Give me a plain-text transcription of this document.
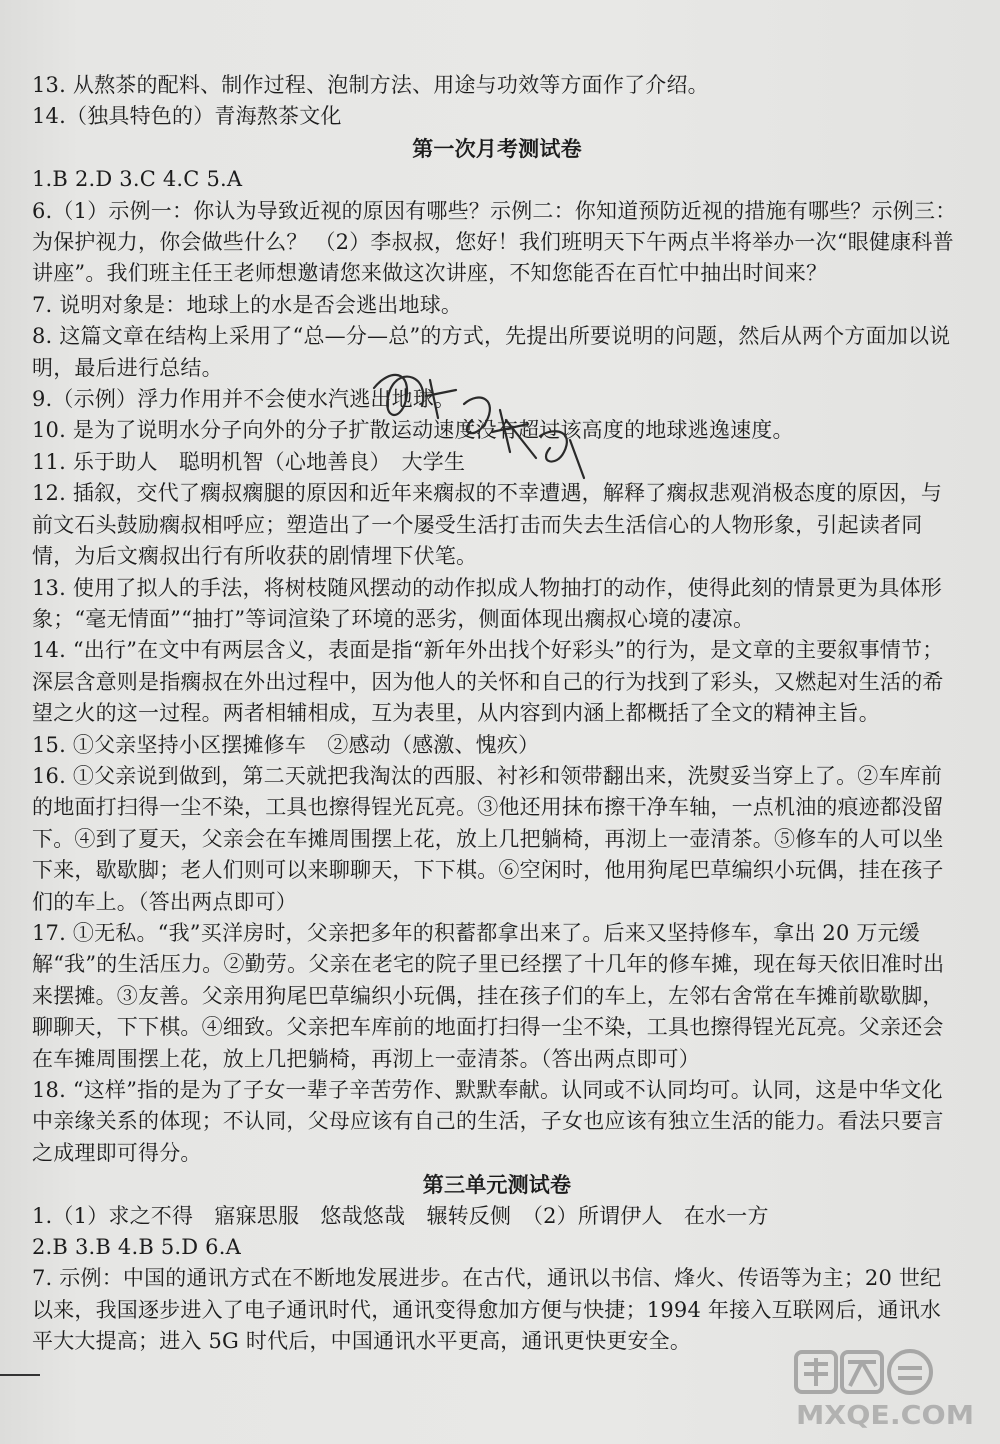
13. 从熬茶的配料、制作过程、泡制方法、用途与功效等方面作了介绍。

14.（独具特色的）青海熬茶文化

第一次月考测试卷

1.B 2.D 3.C 4.C 5.A

6.（1）示例一：你认为导致近视的原因有哪些？示例二：你知道预防近视的措施有哪些？示例三：为保护视力，你会做些什么？ （2）李叔叔，您好！我们班明天下午两点半将举办一次“眼健康科普讲座”。我们班主任王老师想邀请您来做这次讲座，不知您能否在百忙中抽出时间来？

7. 说明对象是：地球上的水是否会逃出地球。

8. 这篇文章在结构上采用了“总—分—总”的方式，先提出所要说明的问题，然后从两个方面加以说明，最后进行总结。

9.（示例）浮力作用并不会使水汽逃出地球。

10. 是为了说明水分子向外的分子扩散运动速度没有超过该高度的地球逃逸速度。

11. 乐于助人　聪明机智（心地善良）　大学生

12. 插叙，交代了瘸叔瘸腿的原因和近年来瘸叔的不幸遭遇，解释了瘸叔悲观消极态度的原因，与前文石头鼓励瘸叔相呼应；塑造出了一个屡受生活打击而失去生活信心的人物形象，引起读者同情，为后文瘸叔出行有所收获的剧情埋下伏笔。

13. 使用了拟人的手法，将树枝随风摆动的动作拟成人物抽打的动作，使得此刻的情景更为具体形象；“毫无情面”“抽打”等词渲染了环境的恶劣，侧面体现出瘸叔心境的凄凉。

14. “出行”在文中有两层含义，表面是指“新年外出找个好彩头”的行为，是文章的主要叙事情节；深层含意则是指瘸叔在外出过程中，因为他人的关怀和自己的行为找到了彩头，又燃起对生活的希望之火的这一过程。两者相辅相成，互为表里，从内容到内涵上都概括了全文的精神主旨。

15. ①父亲坚持小区摆摊修车　②感动（感激、愧疚）

16. ①父亲说到做到，第二天就把我淘汰的西服、衬衫和领带翻出来，洗熨妥当穿上了。②车库前的地面打扫得一尘不染，工具也擦得锃光瓦亮。③他还用抹布擦干净车轴，一点机油的痕迹都没留下。④到了夏天，父亲会在车摊周围摆上花，放上几把躺椅，再沏上一壶清茶。⑤修车的人可以坐下来，歇歇脚；老人们则可以来聊聊天，下下棋。⑥空闲时，他用狗尾巴草编织小玩偶，挂在孩子们的车上。（答出两点即可）

17. ①无私。“我”买洋房时，父亲把多年的积蓄都拿出来了。后来又坚持修车，拿出 20 万元缓解“我”的生活压力。②勤劳。父亲在老宅的院子里已经摆了十几年的修车摊，现在每天依旧准时出来摆摊。③友善。父亲用狗尾巴草编织小玩偶，挂在孩子们的车上，左邻右舍常在车摊前歇歇脚，聊聊天，下下棋。④细致。父亲把车库前的地面打扫得一尘不染，工具也擦得锃光瓦亮。父亲还会在车摊周围摆上花，放上几把躺椅，再沏上一壶清茶。（答出两点即可）

18. “这样”指的是为了子女一辈子辛苦劳作、默默奉献。认同或不认同均可。认同，这是中华文化中亲缘关系的体现；不认同，父母应该有自己的生活，子女也应该有独立生活的能力。看法只要言之成理即可得分。

第三单元测试卷

1.（1）求之不得　寤寐思服　悠哉悠哉　辗转反侧　（2）所谓伊人　在水一方

2.B 3.B 4.B 5.D 6.A

7. 示例：中国的通讯方式在不断地发展进步。在古代，通讯以书信、烽火、传语等为主；20 世纪以来，我国逐步进入了电子通讯时代，通讯变得愈加方便与快捷；1994 年接入互联网后，通讯水平大大提高；进入 5G 时代后，中国通讯水平更高，通讯更快更安全。

MXQE.COM
